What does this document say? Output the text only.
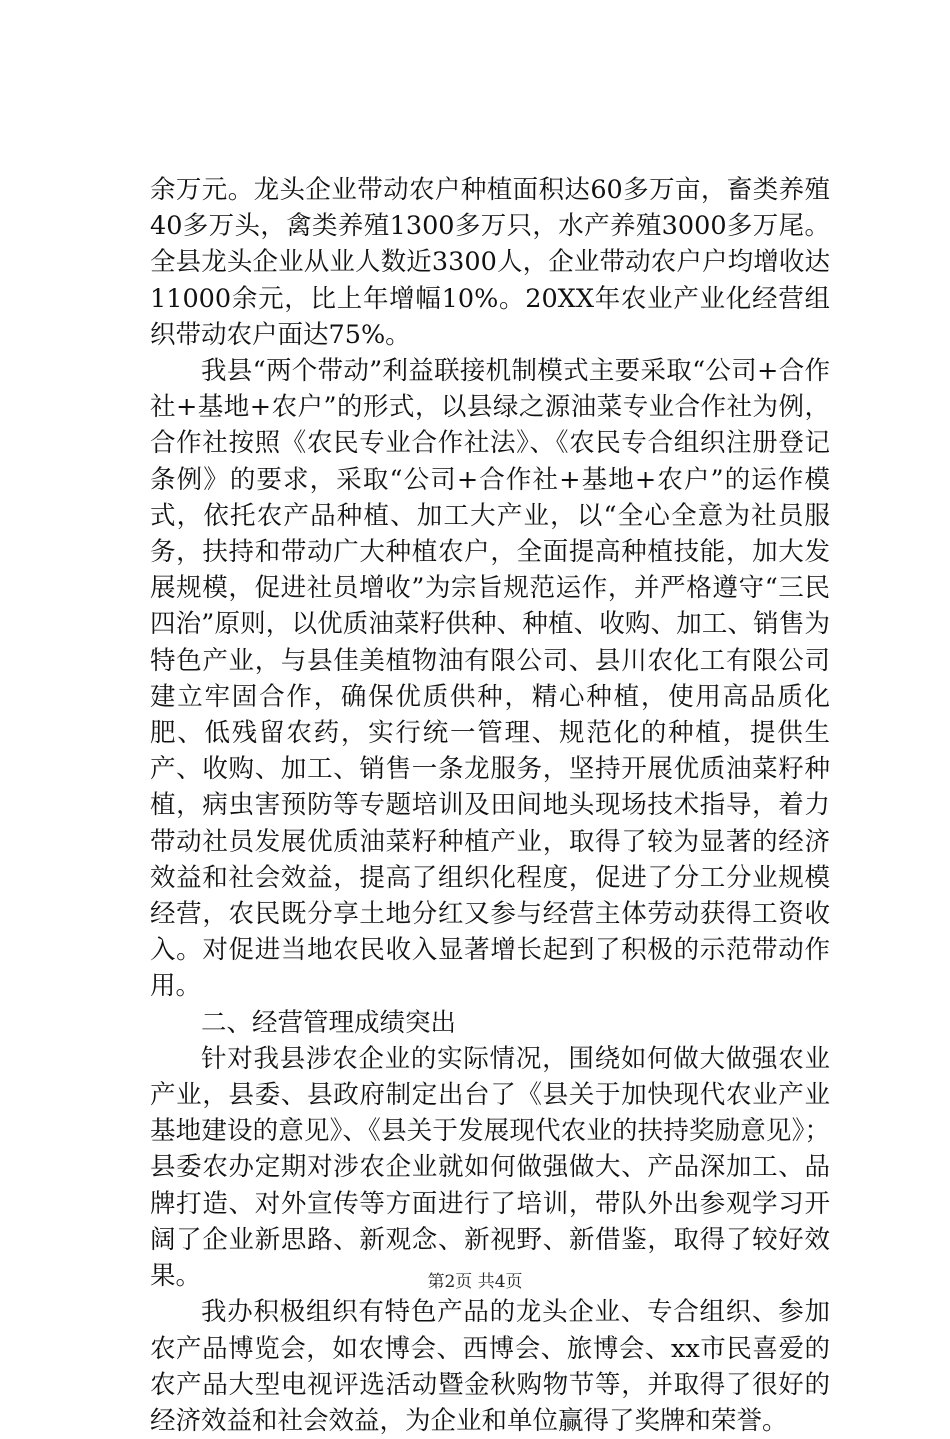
余万元。龙头企业带动农户种植面积达60多万亩，畜类养殖40多万头，禽类养殖1300多万只，水产养殖3000多万尾。全县龙头企业从业人数近3300人，企业带动农户户均增收达11000余元，比上年增幅10%。20XX年农业产业化经营组织带动农户面达75%。

我县“两个带动”利益联接机制模式主要采取“公司+合作社+基地+农户”的形式，以县绿之源油菜专业合作社为例，合作社按照《农民专业合作社法》、《农民专合组织注册登记条例》的要求，采取“公司+合作社+基地+农户”的运作模式，依托农产品种植、加工大产业，以“全心全意为社员服务，扶持和带动广大种植农户，全面提高种植技能，加大发展规模，促进社员增收”为宗旨规范运作，并严格遵守“三民四治”原则，以优质油菜籽供种、种植、收购、加工、销售为特色产业，与县佳美植物油有限公司、县川农化工有限公司建立牢固合作，确保优质供种，精心种植，使用高品质化肥、低残留农药，实行统一管理、规范化的种植，提供生产、收购、加工、销售一条龙服务，坚持开展优质油菜籽种植，病虫害预防等专题培训及田间地头现场技术指导，着力带动社员发展优质油菜籽种植产业，取得了较为显著的经济效益和社会效益，提高了组织化程度，促进了分工分业规模经营，农民既分享土地分红又参与经营主体劳动获得工资收入。对促进当地农民收入显著增长起到了积极的示范带动作用。

二、经营管理成绩突出

针对我县涉农企业的实际情况，围绕如何做大做强农业产业，县委、县政府制定出台了《县关于加快现代农业产业基地建设的意见》、《县关于发展现代农业的扶持奖励意见》；县委农办定期对涉农企业就如何做强做大、产品深加工、品牌打造、对外宣传等方面进行了培训，带队外出参观学习开阔了企业新思路、新观念、新视野、新借鉴，取得了较好效果。

我办积极组织有特色产品的龙头企业、专合组织、参加农产品博览会，如农博会、西博会、旅博会、xx市民喜爱的农产品大型电视评选活动暨金秋购物节等，并取得了很好的经济效益和社会效益，为企业和单位赢得了奖牌和荣誉。

第2页 共4页
